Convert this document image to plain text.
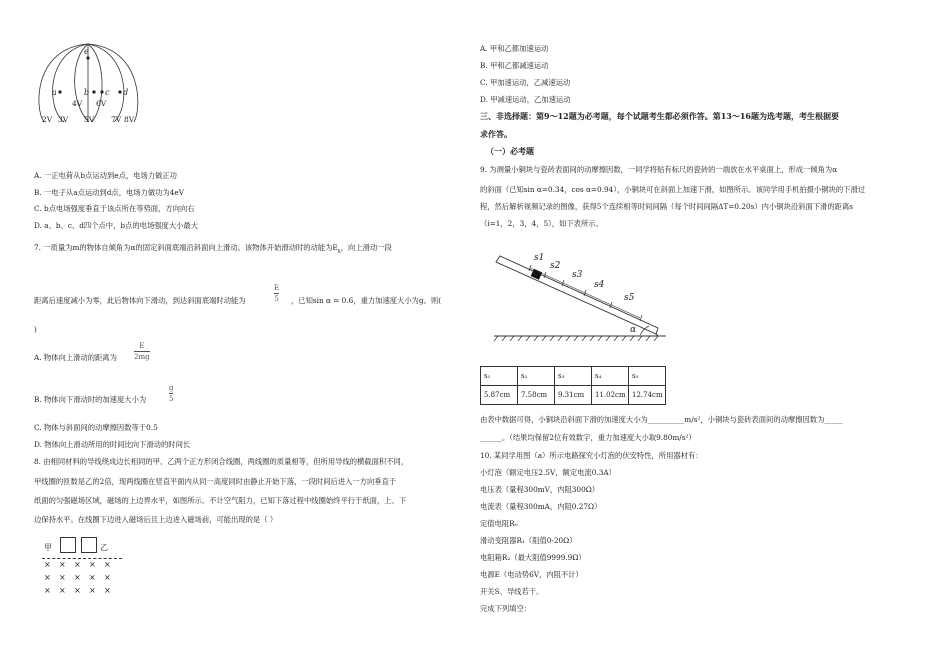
e
a	b c d
4V 6V
2V 3V 5V 7V 8V
A. 一正电荷从b点运动到e点，电场力做正功
B. 一电子从a点运动到d点，电场力做功为4eV
C. b点电场强度垂直于该点所在等势面，方向向右
D. a、b、c、d四个点中，b点的电场强度大小最大
7. 一质量为m的物体自倾角为α的固定斜面底端沿斜面向上滑动。该物体开始滑动时的动能为$E_k$，向上滑动一段
距离后速度减小为零，此后物体向下滑动，到达斜面底端时动能为
E
5 ，已知sin α = 0.6，重力加速度大小为g。则(
)
A. 物体向上滑动的距离为
E
2mg
B. 物体向下滑动时的加速度大小为
g
5
C. 物体与斜面间的动摩擦因数等于0.5
D. 物体向上滑动所用的时间比向下滑动的时间长
8. 由相同材料的导线绕成边长相同的甲、乙两个正方形闭合线圈，两线圈的质量相等，但所用导线的横截面积不同，
甲线圈的匝数是乙的2倍，现两线圈在竖直平面内从同一高度同时由静止开始下落，一段时间后进入一方向垂直于
纸面的匀强磁场区域，磁场的上边界水平，如图所示。不计空气阻力，已知下落过程中线圈始终平行于纸面，上、下
边保持水平。在线圈下边进入磁场后且上边进入磁场前，可能出现的是（ ）
甲	乙
× × × × ×
× × × × ×
× × × × ×
A. 甲和乙都加速运动
B. 甲和乙都减速运动
C. 甲加速运动，乙减速运动
D. 甲减速运动，乙加速运动
三、非选择题：第9～12题为必考题，每个试题考生都必须作答。第13～16题为选考题，考生根据要
求作答。
（一）必考题
9. 为测量小铜块与瓷砖表面间的动摩擦因数，一同学将贴有标尺的瓷砖的一端放在水平桌面上，形成一倾角为α
的斜面（已知sin α=0.34，cos α=0.94），小铜块可在斜面上加速下滑，如图所示。该同学用手机拍摄小铜块的下滑过
程，然后解析视频记录的图像，获得5个连续相等时间间隔（每个时间间隔ΔT=0.20s）内小铜块沿斜面下滑的距离s
（i=1，2，3，4，5），如下表所示。
s1
s2
s3
s4
s5
α
s₁	s₂	s₃	s₄	s₅
5.87cm	7.58cm	9.31cm	11.02cm	12.74cm
由表中数据可得，小铜块沿斜面下滑的加速度大小为__________m/s²，小铜块与瓷砖表面间的动摩擦因数为_____
______。（结果均保留2位有效数字，重力加速度大小取9.80m/s²）
10. 某同学用图（a）所示电路探究小灯泡的伏安特性，所用器材有：
小灯泡（额定电压2.5V，额定电流0.3A）
电压表（量程300mV，内阻300Ω）
电流表（量程300mA，内阻0.27Ω）
定值电阻R₀
滑动变阻器R₁（阻值0-20Ω）
电阻箱R₂（最大阻值9999.9Ω）
电源E（电动势6V，内阻不计）
开关S、导线若干。
完成下列填空：
